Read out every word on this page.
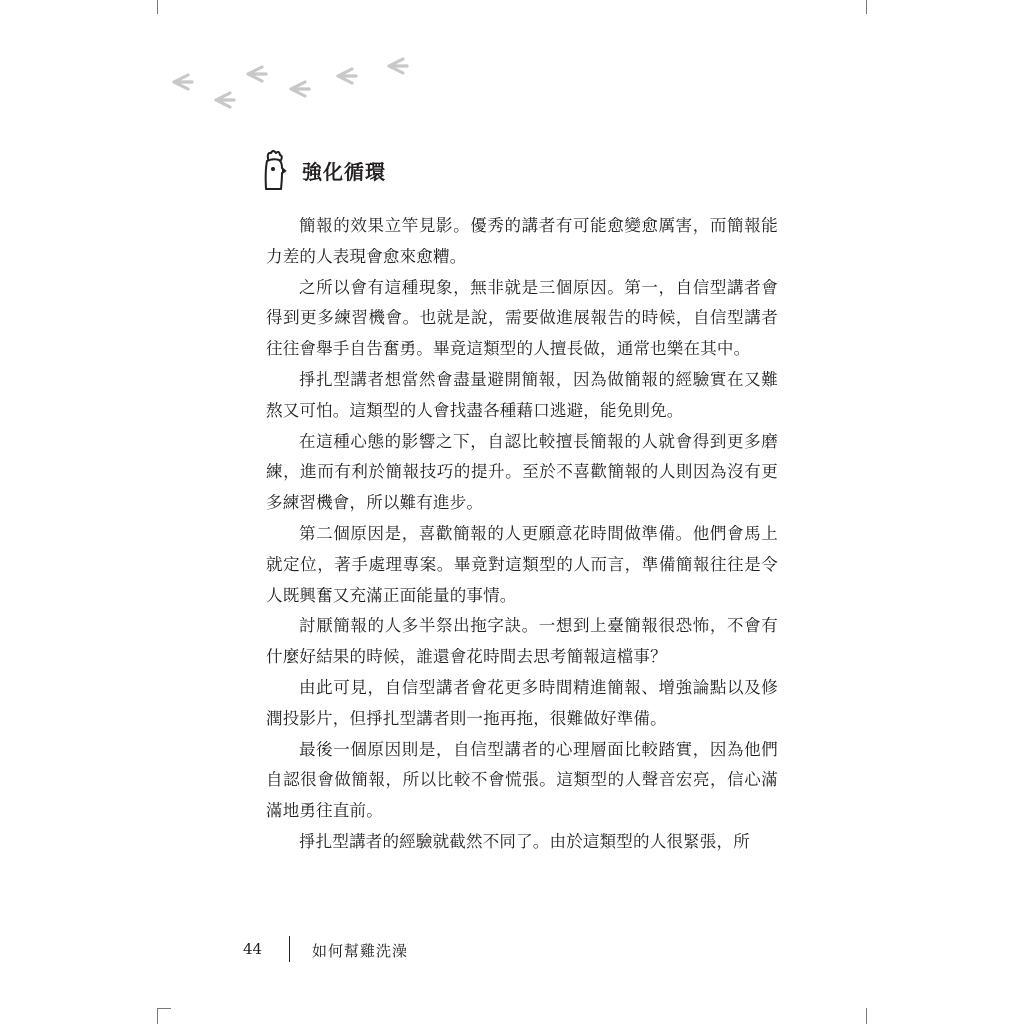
強化循環

簡報的效果立竿見影。優秀的講者有可能愈變愈厲害，而簡報能力差的人表現會愈來愈糟。

之所以會有這種現象，無非就是三個原因。第一，自信型講者會得到更多練習機會。也就是說，需要做進展報告的時候，自信型講者往往會舉手自告奮勇。畢竟這類型的人擅長做，通常也樂在其中。

掙扎型講者想當然會盡量避開簡報，因為做簡報的經驗實在又難熬又可怕。這類型的人會找盡各種藉口逃避，能免則免。

在這種心態的影響之下，自認比較擅長簡報的人就會得到更多磨練，進而有利於簡報技巧的提升。至於不喜歡簡報的人則因為沒有更多練習機會，所以難有進步。

第二個原因是，喜歡簡報的人更願意花時間做準備。他們會馬上就定位，著手處理專案。畢竟對這類型的人而言，準備簡報往往是令人既興奮又充滿正面能量的事情。

討厭簡報的人多半祭出拖字訣。一想到上臺簡報很恐怖，不會有什麼好結果的時候，誰還會花時間去思考簡報這檔事？

由此可見，自信型講者會花更多時間精進簡報、增強論點以及修潤投影片，但掙扎型講者則一拖再拖，很難做好準備。

最後一個原因則是，自信型講者的心理層面比較踏實，因為他們自認很會做簡報，所以比較不會慌張。這類型的人聲音宏亮，信心滿滿地勇往直前。

掙扎型講者的經驗就截然不同了。由於這類型的人很緊張，所

44	如何幫雞洗澡
